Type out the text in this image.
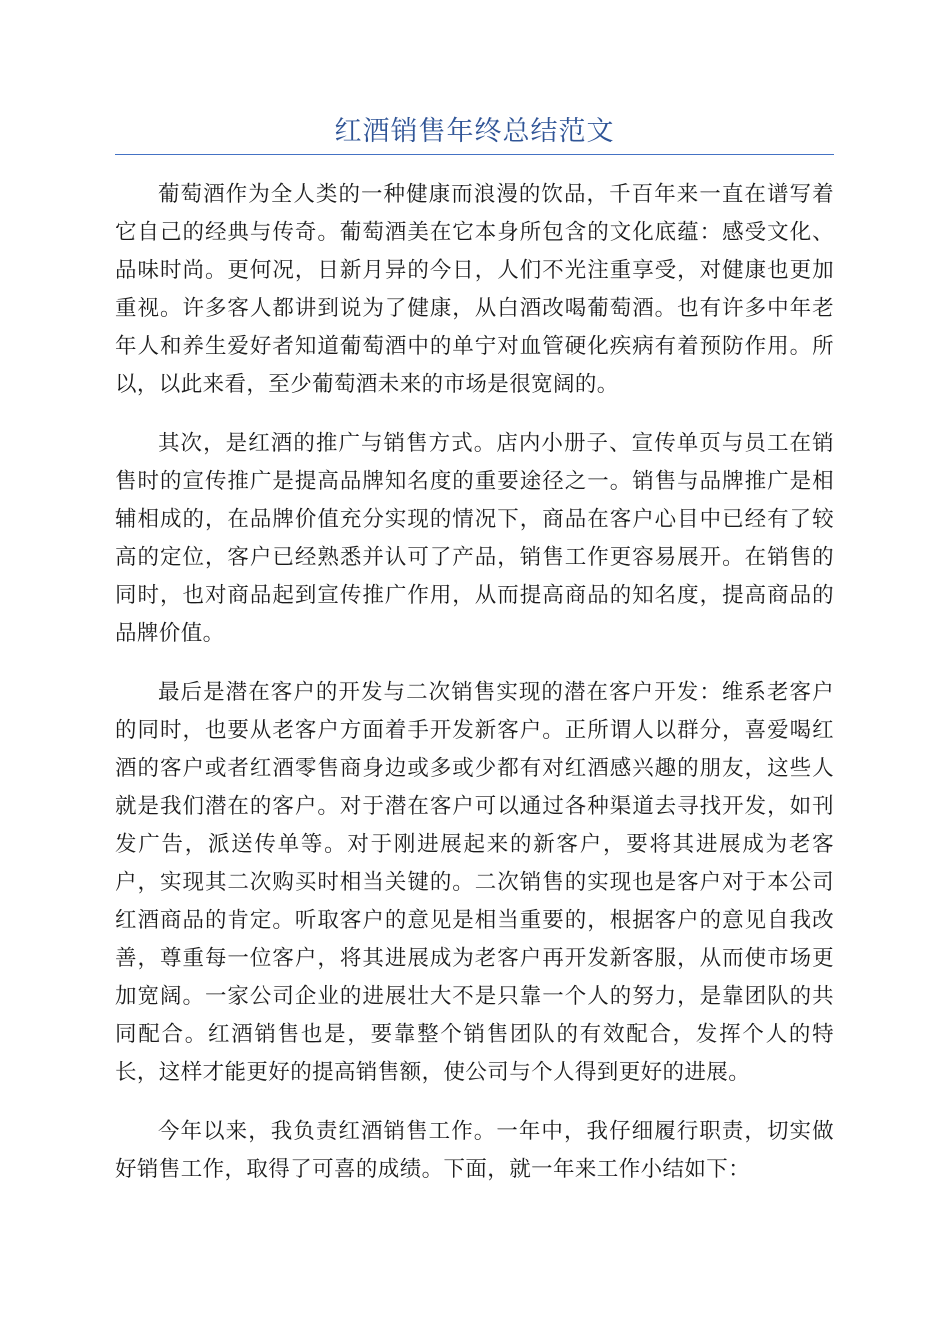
红酒销售年终总结范文

葡萄酒作为全人类的一种健康而浪漫的饮品，千百年来一直在谱写着它自己的经典与传奇。葡萄酒美在它本身所包含的文化底蕴：感受文化、品味时尚。更何况，日新月异的今日，人们不光注重享受，对健康也更加重视。许多客人都讲到说为了健康，从白酒改喝葡萄酒。也有许多中年老年人和养生爱好者知道葡萄酒中的单宁对血管硬化疾病有着预防作用。所以，以此来看，至少葡萄酒未来的市场是很宽阔的。

其次，是红酒的推广与销售方式。店内小册子、宣传单页与员工在销售时的宣传推广是提高品牌知名度的重要途径之一。销售与品牌推广是相辅相成的，在品牌价值充分实现的情况下，商品在客户心目中已经有了较高的定位，客户已经熟悉并认可了产品，销售工作更容易展开。在销售的同时，也对商品起到宣传推广作用，从而提高商品的知名度，提高商品的品牌价值。

最后是潜在客户的开发与二次销售实现的潜在客户开发：维系老客户的同时，也要从老客户方面着手开发新客户。正所谓人以群分，喜爱喝红酒的客户或者红酒零售商身边或多或少都有对红酒感兴趣的朋友，这些人就是我们潜在的客户。对于潜在客户可以通过各种渠道去寻找开发，如刊发广告，派送传单等。对于刚进展起来的新客户，要将其进展成为老客户，实现其二次购买时相当关键的。二次销售的实现也是客户对于本公司红酒商品的肯定。听取客户的意见是相当重要的，根据客户的意见自我改善，尊重每一位客户，将其进展成为老客户再开发新客服，从而使市场更加宽阔。一家公司企业的进展壮大不是只靠一个人的努力，是靠团队的共同配合。红酒销售也是，要靠整个销售团队的有效配合，发挥个人的特长，这样才能更好的提高销售额，使公司与个人得到更好的进展。

今年以来，我负责红酒销售工作。一年中，我仔细履行职责，切实做好销售工作，取得了可喜的成绩。下面，就一年来工作小结如下：
